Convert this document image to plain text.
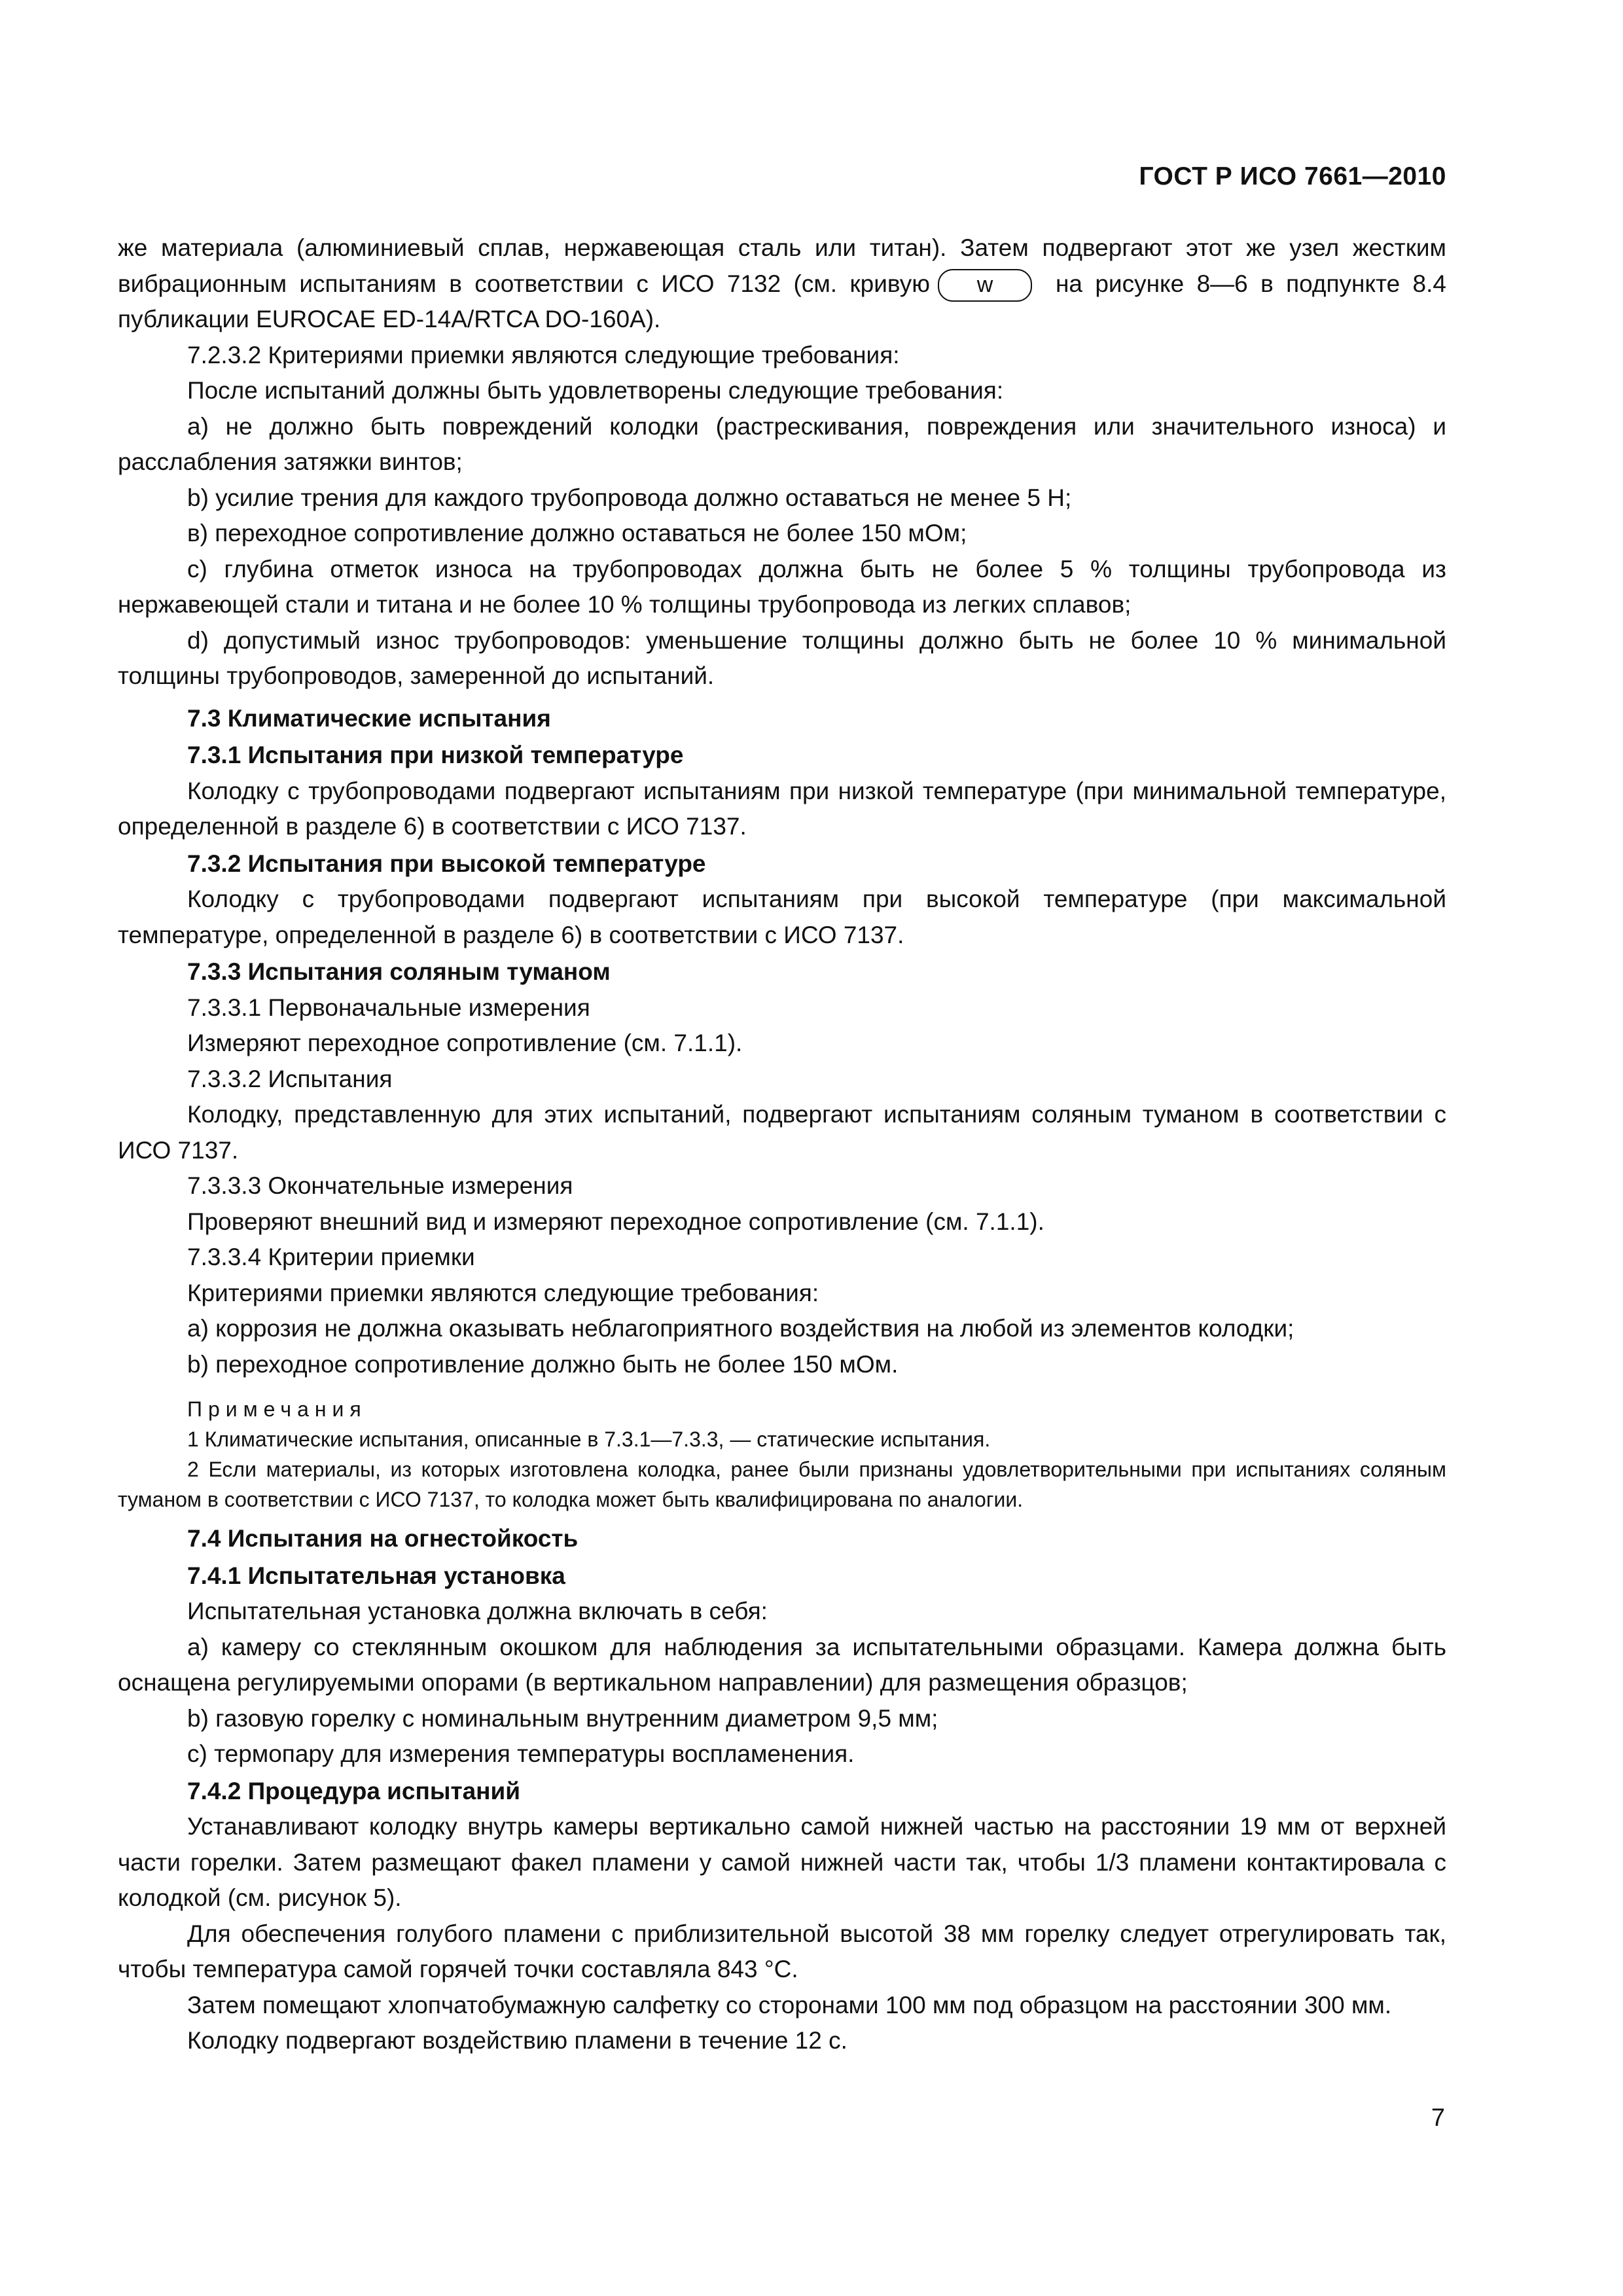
ГОСТ Р ИСО 7661—2010

же материала (алюминиевый сплав, нержавеющая сталь или титан). Затем подвергают этот же узел жестким вибрационным испытаниям в соответствии с ИСО 7132 (см. кривую w	на рисунке 8—6 в подпункте 8.4 публикации EUROCAE ED-14A/RTCA DO-160A).

7.2.3.2 Критериями приемки являются следующие требования:

После испытаний должны быть удовлетворены следующие требования:

a) не должно быть повреждений колодки (растрескивания, повреждения или значительного износа) и расслабления затяжки винтов;

b) усилие трения для каждого трубопровода должно оставаться не менее 5 Н;

в) переходное сопротивление должно оставаться не более 150 мОм;

c) глубина отметок износа на трубопроводах должна быть не более 5 % толщины трубопровода из нержавеющей стали и титана и не более 10 % толщины трубопровода из легких сплавов;

d) допустимый износ трубопроводов: уменьшение толщины должно быть не более 10 % минимальной толщины трубопроводов, замеренной до испытаний.

7.3 Климатические испытания

7.3.1 Испытания при низкой температуре

Колодку с трубопроводами подвергают испытаниям при низкой температуре (при минимальной температуре, определенной в разделе 6) в соответствии с ИСО 7137.

7.3.2 Испытания при высокой температуре

Колодку с трубопроводами подвергают испытаниям при высокой температуре (при максимальной температуре, определенной в разделе 6) в соответствии с ИСО 7137.

7.3.3 Испытания соляным туманом

7.3.3.1 Первоначальные измерения

Измеряют переходное сопротивление (см. 7.1.1).

7.3.3.2 Испытания

Колодку, представленную для этих испытаний, подвергают испытаниям соляным туманом в соответствии с ИСО 7137.

7.3.3.3 Окончательные измерения

Проверяют внешний вид и измеряют переходное сопротивление (см. 7.1.1).

7.3.3.4 Критерии приемки

Критериями приемки являются следующие требования:

a) коррозия не должна оказывать неблагоприятного воздействия на любой из элементов колодки;

b) переходное сопротивление должно быть не более 150 мОм.

Примечания

1 Климатические испытания, описанные в 7.3.1—7.3.3, — статические испытания.

2 Если материалы, из которых изготовлена колодка, ранее были признаны удовлетворительными при испытаниях соляным туманом в соответствии с ИСО 7137, то колодка может быть квалифицирована по аналогии.

7.4 Испытания на огнестойкость

7.4.1 Испытательная установка

Испытательная установка должна включать в себя:

a) камеру со стеклянным окошком для наблюдения за испытательными образцами. Камера должна быть оснащена регулируемыми опорами (в вертикальном направлении) для размещения образцов;

b) газовую горелку с номинальным внутренним диаметром 9,5 мм;

c) термопару для измерения температуры воспламенения.

7.4.2 Процедура испытаний

Устанавливают колодку внутрь камеры вертикально самой нижней частью на расстоянии 19 мм от верхней части горелки. Затем размещают факел пламени у самой нижней части так, чтобы 1/3 пламени контактировала с колодкой (см. рисунок 5).

Для обеспечения голубого пламени с приблизительной высотой 38 мм горелку следует отрегулировать так, чтобы температура самой горячей точки составляла 843 °С.

Затем помещают хлопчатобумажную салфетку со сторонами 100 мм под образцом на расстоянии 300 мм.

Колодку подвергают воздействию пламени в течение 12 с.

7
